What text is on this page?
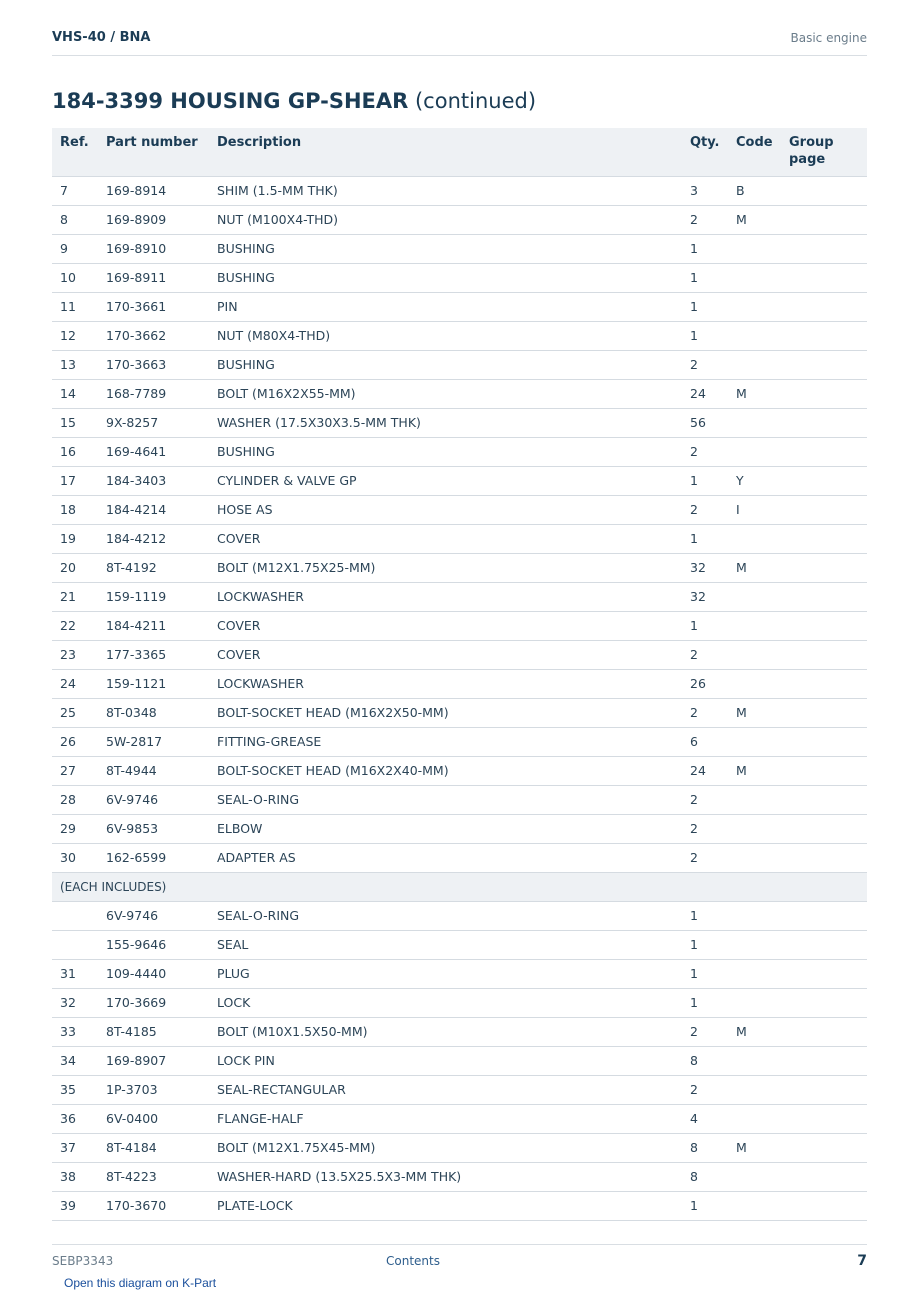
VHS-40 / BNA	Basic engine
184-3399 HOUSING GP-SHEAR (continued)
Ref.	Part number	Description	Qty.	Code	Group page
7	169-8914	SHIM (1.5-MM THK)	3	B	
8	169-8909	NUT (M100X4-THD)	2	M	
9	169-8910	BUSHING	1		
10	169-8911	BUSHING	1		
11	170-3661	PIN	1		
12	170-3662	NUT (M80X4-THD)	1		
13	170-3663	BUSHING	2		
14	168-7789	BOLT (M16X2X55-MM)	24	M	
15	9X-8257	WASHER (17.5X30X3.5-MM THK)	56		
16	169-4641	BUSHING	2		
17	184-3403	CYLINDER & VALVE GP	1	Y	
18	184-4214	HOSE AS	2	I	
19	184-4212	COVER	1		
20	8T-4192	BOLT (M12X1.75X25-MM)	32	M	
21	159-1119	LOCKWASHER	32		
22	184-4211	COVER	1		
23	177-3365	COVER	2		
24	159-1121	LOCKWASHER	26		
25	8T-0348	BOLT-SOCKET HEAD (M16X2X50-MM)	2	M	
26	5W-2817	FITTING-GREASE	6		
27	8T-4944	BOLT-SOCKET HEAD (M16X2X40-MM)	24	M	
28	6V-9746	SEAL-O-RING	2		
29	6V-9853	ELBOW	2		
30	162-6599	ADAPTER AS	2		
(EACH INCLUDES)					
	6V-9746	SEAL-O-RING	1		
	155-9646	SEAL	1		
31	109-4440	PLUG	1		
32	170-3669	LOCK	1		
33	8T-4185	BOLT (M10X1.5X50-MM)	2	M	
34	169-8907	LOCK PIN	8		
35	1P-3703	SEAL-RECTANGULAR	2		
36	6V-0400	FLANGE-HALF	4		
37	8T-4184	BOLT (M12X1.75X45-MM)	8	M	
38	8T-4223	WASHER-HARD (13.5X25.5X3-MM THK)	8		
39	170-3670	PLATE-LOCK	1		
SEBP3343	Contents	7
Open this diagram on K-Part
